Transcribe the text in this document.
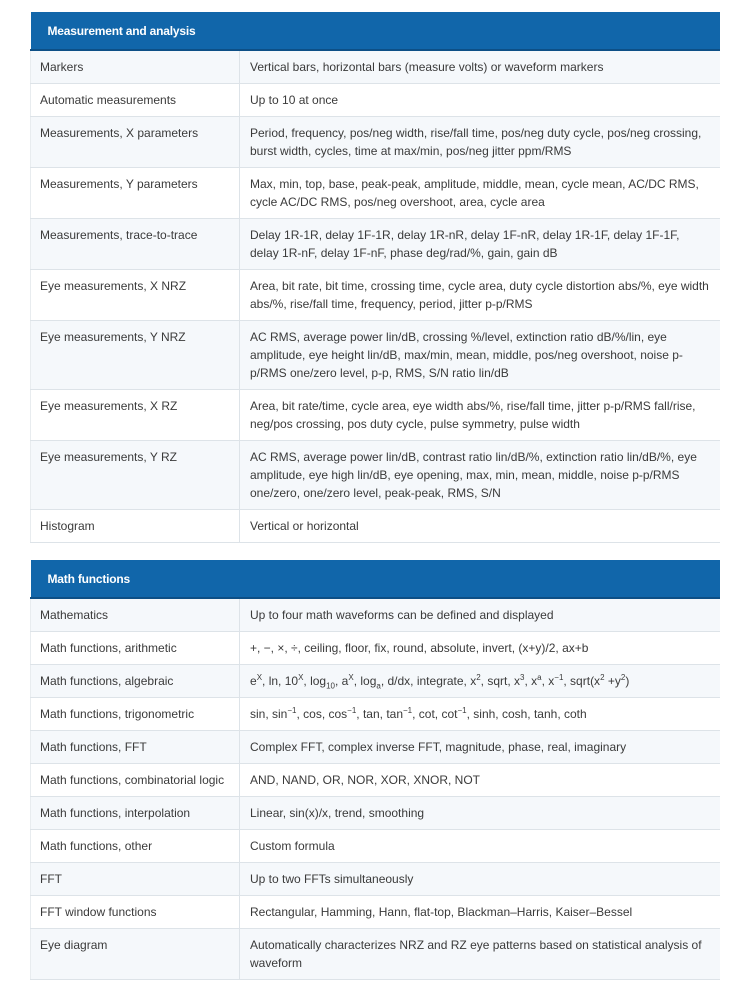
Measurement and analysis	
Markers	Vertical bars, horizontal bars (measure volts) or waveform markers
Automatic measurements	Up to 10 at once
Measurements, X parameters	Period, frequency, pos/neg width, rise/fall time, pos/neg duty cycle, pos/neg crossing, burst width, cycles, time at max/min, pos/neg jitter ppm/RMS
Measurements, Y parameters	Max, min, top, base, peak-peak, amplitude, middle, mean, cycle mean, AC/DC RMS, cycle AC/DC RMS, pos/neg overshoot, area, cycle area
Measurements, trace-to-trace	Delay 1R-1R, delay 1F-1R, delay 1R-nR, delay 1F-nR, delay 1R-1F, delay 1F-1F, delay 1R-nF, delay 1F-nF, phase deg/rad/%, gain, gain dB
Eye measurements, X NRZ	Area, bit rate, bit time, crossing time, cycle area, duty cycle distortion abs/%, eye width abs/%, rise/fall time, frequency, period, jitter p-p/RMS
Eye measurements, Y NRZ	AC RMS, average power lin/dB, crossing %/level, extinction ratio dB/%/lin, eye amplitude, eye height lin/dB, max/min, mean, middle, pos/neg overshoot, noise p-p/RMS one/zero level, p-p, RMS, S/N ratio lin/dB
Eye measurements, X RZ	Area, bit rate/time, cycle area, eye width abs/%, rise/fall time, jitter p-p/RMS fall/rise, neg/pos crossing, pos duty cycle, pulse symmetry, pulse width
Eye measurements, Y RZ	AC RMS, average power lin/dB, contrast ratio lin/dB/%, extinction ratio lin/dB/%, eye amplitude, eye high lin/dB, eye opening, max, min, mean, middle, noise p-p/RMS one/zero, one/zero level, peak-peak, RMS, S/N
Histogram	Vertical or horizontal
Math functions	
Mathematics	Up to four math waveforms can be defined and displayed
Math functions, arithmetic	+, −, ×, ÷, ceiling, floor, fix, round, absolute, invert, (x+y)/2, ax+b
Math functions, algebraic	$e^X$, ln, $10^X$, $\log_{10}$, $a^X$, $\log_a$, d/dx, integrate, $x^2$, sqrt, $x^3$, $x^a$, $x^{-1}$, $sqrt(x^2 +y^2)$
Math functions, trigonometric	sin, $\sin^{-1}$, cos, $\cos^{-1}$, tan, $\tan^{-1}$, cot, $\cot^{-1}$, sinh, cosh, tanh, coth
Math functions, FFT	Complex FFT, complex inverse FFT, magnitude, phase, real, imaginary
Math functions, combinatorial logic	AND, NAND, OR, NOR, XOR, XNOR, NOT
Math functions, interpolation	Linear, sin(x)/x, trend, smoothing
Math functions, other	Custom formula
FFT	Up to two FFTs simultaneously
FFT window functions	Rectangular, Hamming, Hann, flat-top, Blackman–Harris, Kaiser–Bessel
Eye diagram	Automatically characterizes NRZ and RZ eye patterns based on statistical analysis of waveform
